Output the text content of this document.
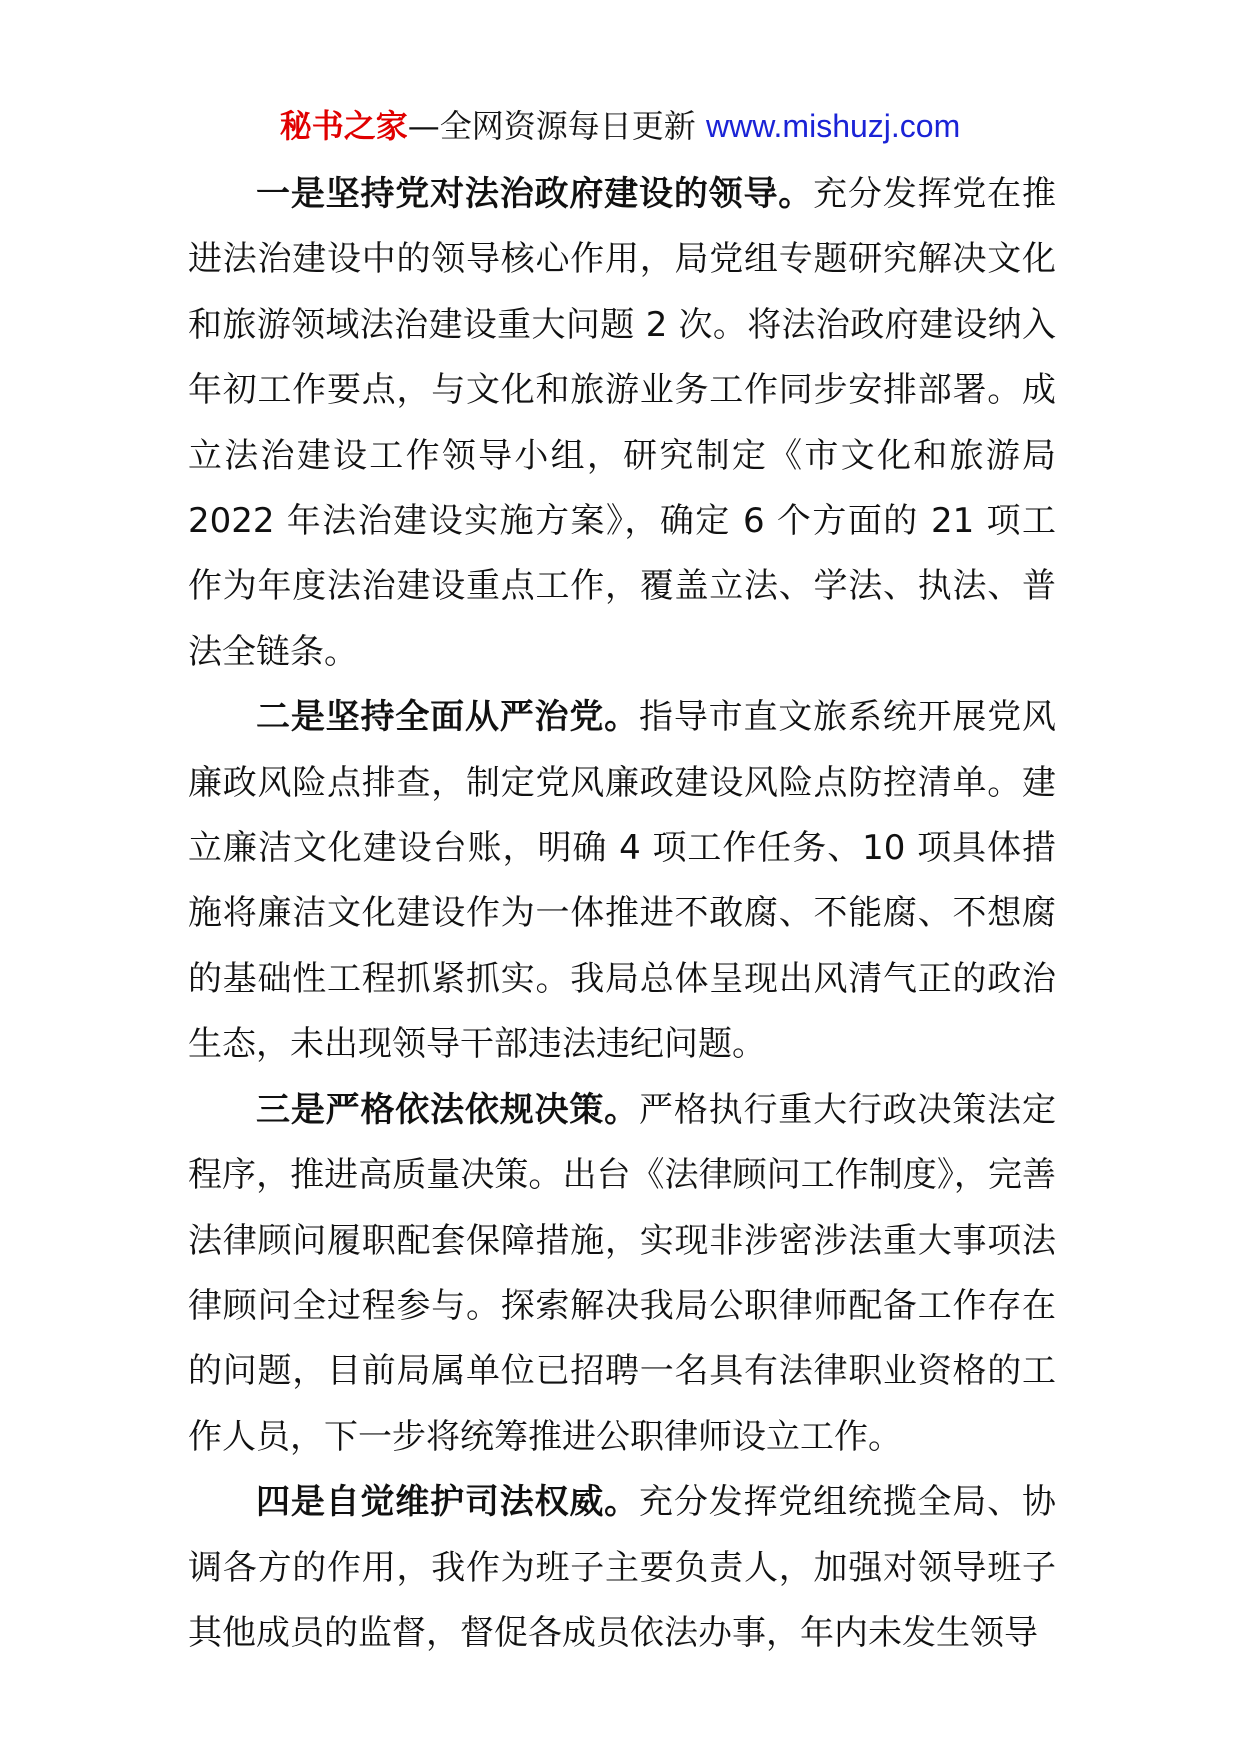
秘书之家—全网资源每日更新 www.mishuzj.com

一是坚持党对法治政府建设的领导。充分发挥党在推进法治建设中的领导核心作用，局党组专题研究解决文化和旅游领域法治建设重大问题 2 次。将法治政府建设纳入年初工作要点，与文化和旅游业务工作同步安排部署。成立法治建设工作领导小组，研究制定《市文化和旅游局 2022 年法治建设实施方案》，确定 6 个方面的 21 项工作为年度法治建设重点工作，覆盖立法、学法、执法、普法全链条。

二是坚持全面从严治党。指导市直文旅系统开展党风廉政风险点排查，制定党风廉政建设风险点防控清单。建立廉洁文化建设台账，明确 4 项工作任务、10 项具体措施将廉洁文化建设作为一体推进不敢腐、不能腐、不想腐的基础性工程抓紧抓实。我局总体呈现出风清气正的政治生态，未出现领导干部违法违纪问题。

三是严格依法依规决策。严格执行重大行政决策法定程序，推进高质量决策。出台《法律顾问工作制度》，完善法律顾问履职配套保障措施，实现非涉密涉法重大事项法律顾问全过程参与。探索解决我局公职律师配备工作存在的问题，目前局属单位已招聘一名具有法律职业资格的工作人员，下一步将统筹推进公职律师设立工作。

四是自觉维护司法权威。充分发挥党组统揽全局、协调各方的作用，我作为班子主要负责人，加强对领导班子其他成员的监督，督促各成员依法办事，年内未发生领导
